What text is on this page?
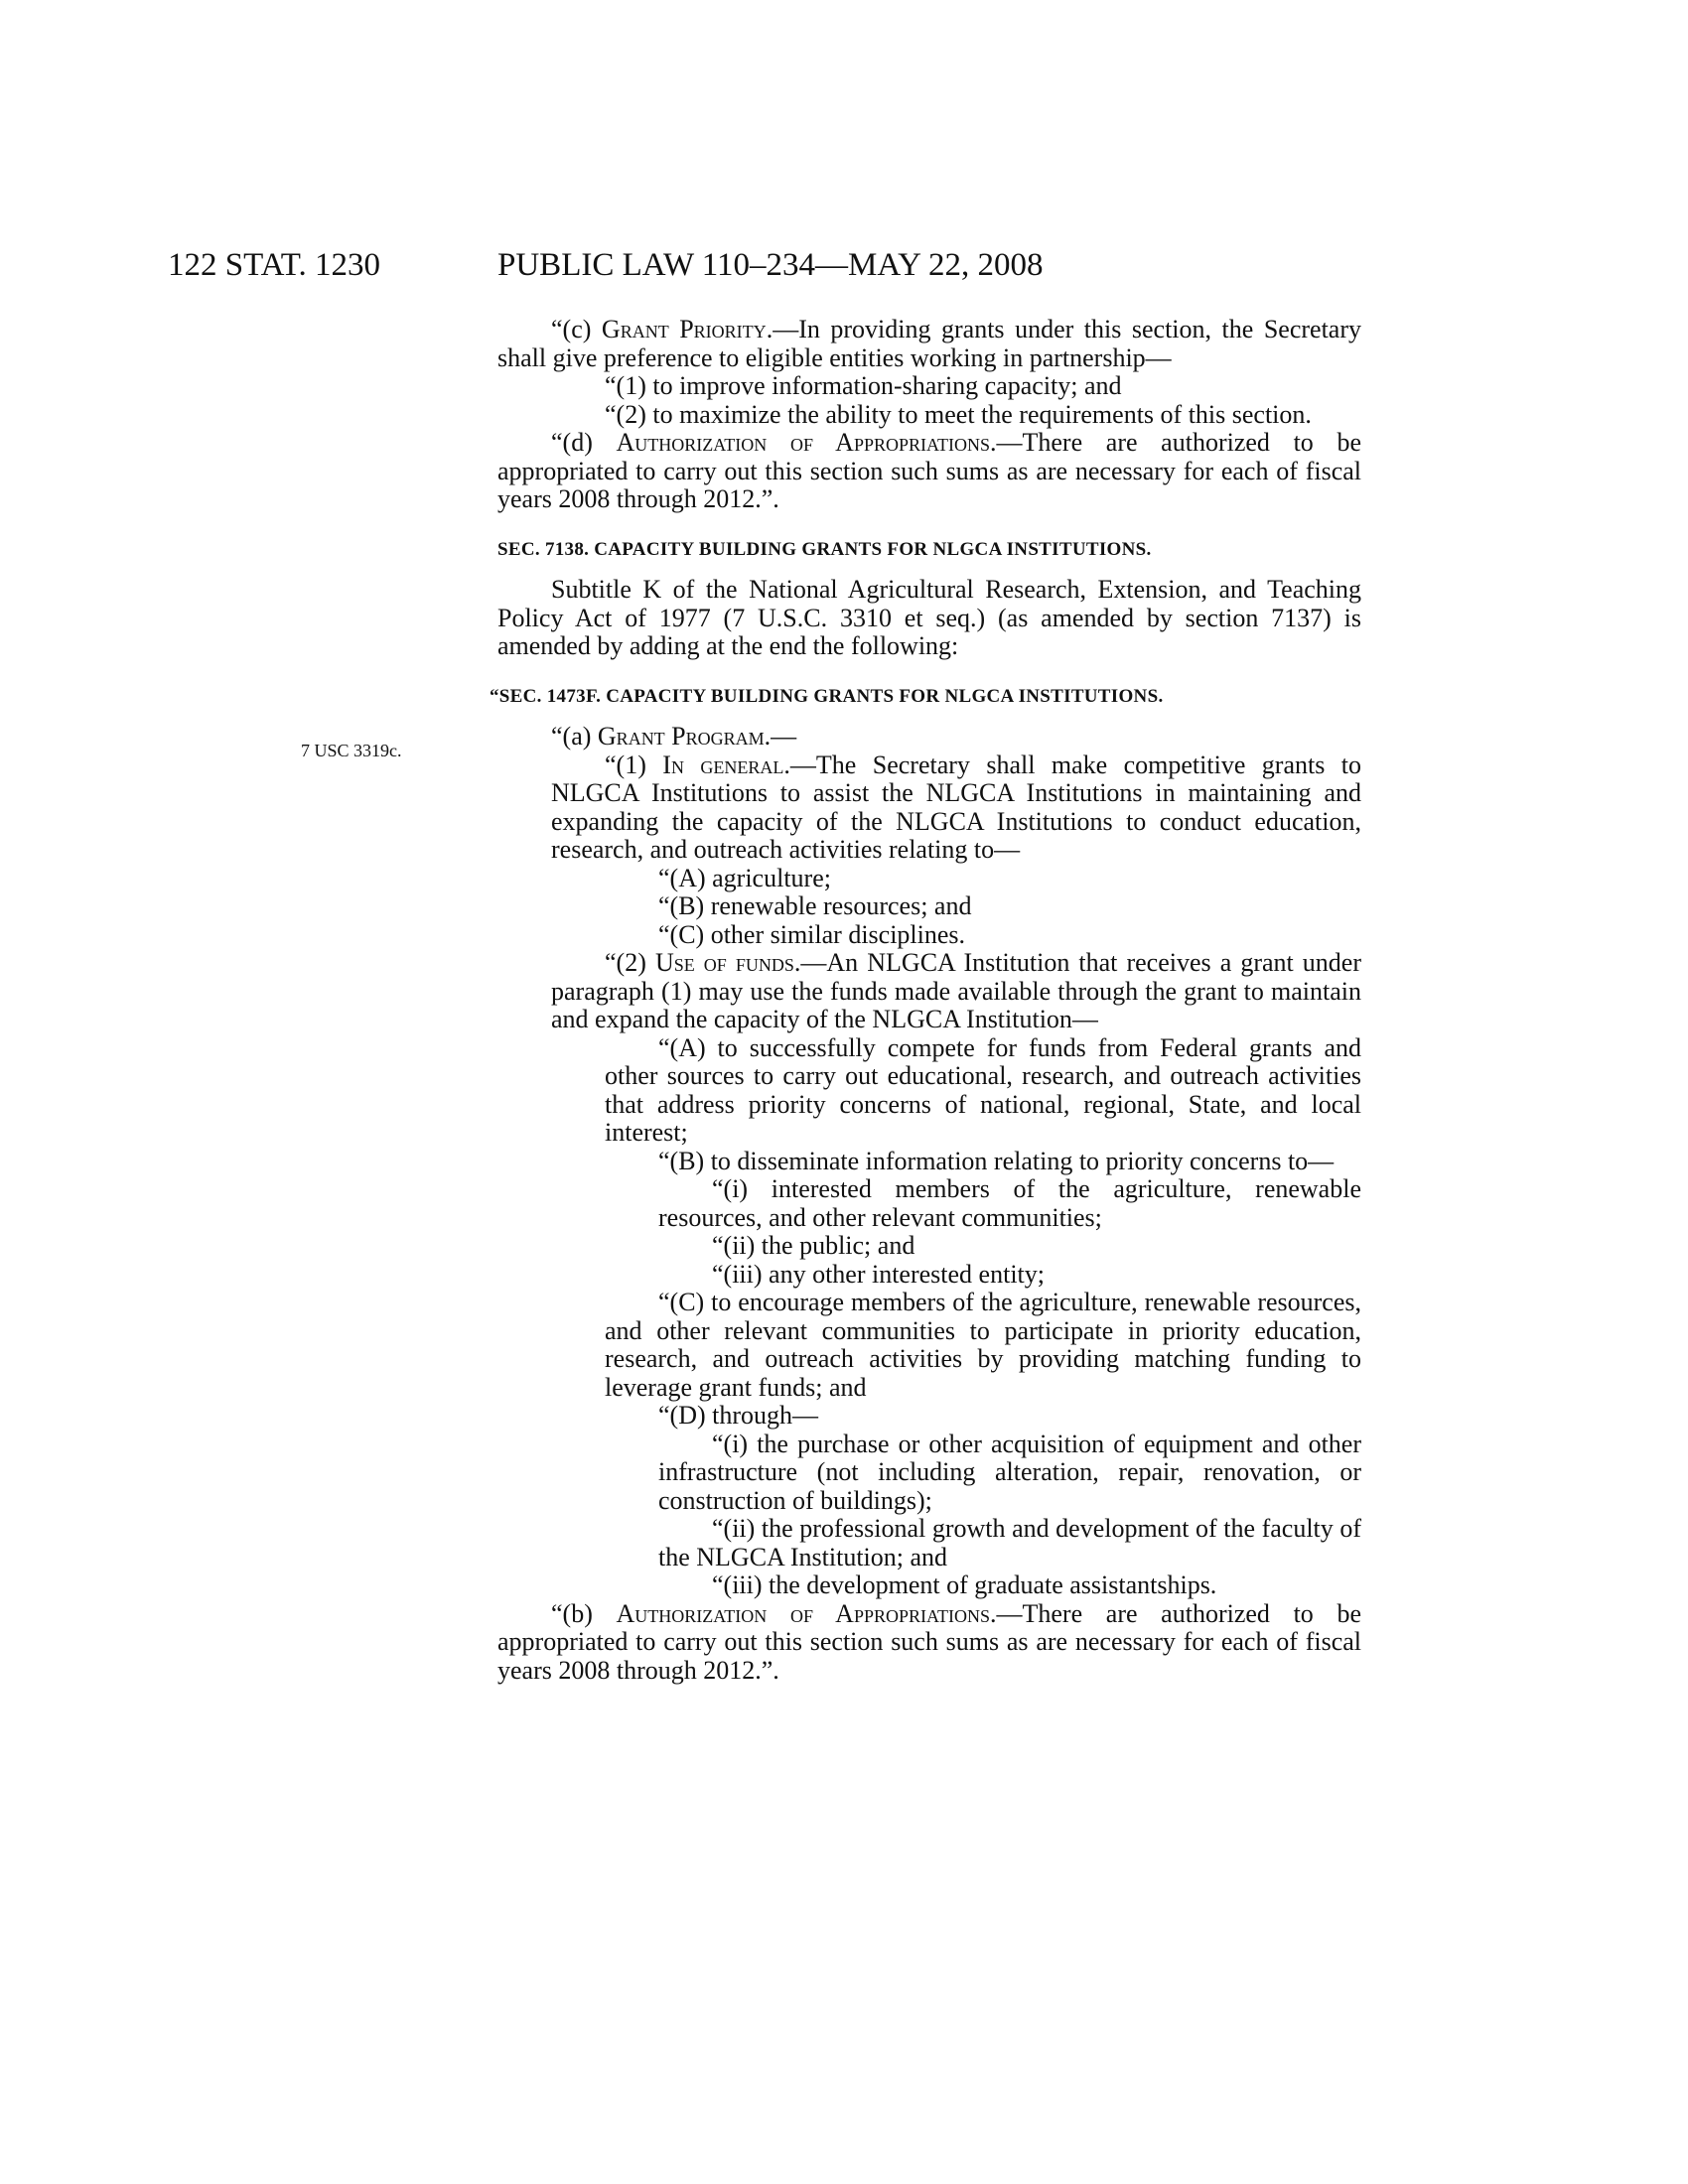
122 STAT. 1230	PUBLIC LAW 110–234—MAY 22, 2008
7 USC 3319c.

“(c) Grant Priority.—In providing grants under this section, the Secretary shall give preference to eligible entities working in partnership—

“(1) to improve information-sharing capacity; and

“(2) to maximize the ability to meet the requirements of this section.

“(d) Authorization of Appropriations.—There are authorized to be appropriated to carry out this section such sums as are necessary for each of fiscal years 2008 through 2012.”.

SEC. 7138. CAPACITY BUILDING GRANTS FOR NLGCA INSTITUTIONS.

Subtitle K of the National Agricultural Research, Extension, and Teaching Policy Act of 1977 (7 U.S.C. 3310 et seq.) (as amended by section 7137) is amended by adding at the end the following:

“SEC. 1473F. CAPACITY BUILDING GRANTS FOR NLGCA INSTITUTIONS.

“(a) Grant Program.—

“(1) In general.—The Secretary shall make competitive grants to NLGCA Institutions to assist the NLGCA Institutions in maintaining and expanding the capacity of the NLGCA Institutions to conduct education, research, and outreach activities relating to—

“(A) agriculture;

“(B) renewable resources; and

“(C) other similar disciplines.

“(2) Use of funds.—An NLGCA Institution that receives a grant under paragraph (1) may use the funds made available through the grant to maintain and expand the capacity of the NLGCA Institution—

“(A) to successfully compete for funds from Federal grants and other sources to carry out educational, research, and outreach activities that address priority concerns of national, regional, State, and local interest;

“(B) to disseminate information relating to priority concerns to—

“(i) interested members of the agriculture, renewable resources, and other relevant communities;

“(ii) the public; and

“(iii) any other interested entity;

“(C) to encourage members of the agriculture, renewable resources, and other relevant communities to participate in priority education, research, and outreach activities by providing matching funding to leverage grant funds; and

“(D) through—

“(i) the purchase or other acquisition of equipment and other infrastructure (not including alteration, repair, renovation, or construction of buildings);

“(ii) the professional growth and development of the faculty of the NLGCA Institution; and

“(iii) the development of graduate assistantships.

“(b) Authorization of Appropriations.—There are authorized to be appropriated to carry out this section such sums as are necessary for each of fiscal years 2008 through 2012.”.
